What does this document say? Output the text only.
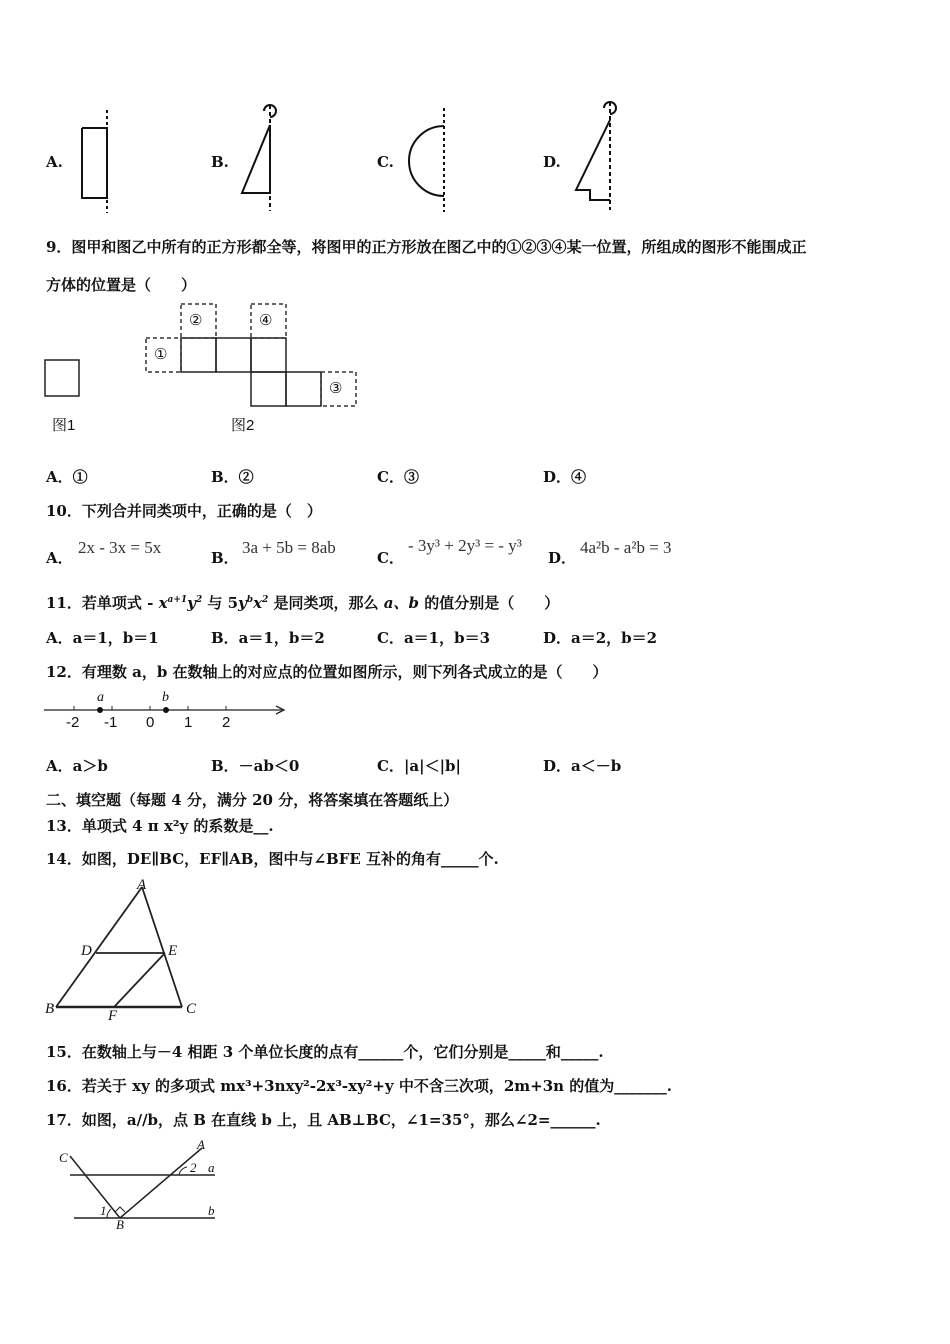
A.	B.	C.	D.
9．图甲和图乙中所有的正方形都全等，将图甲的正方形放在图乙中的①②③④某一位置，所组成的图形不能围成正
方体的位置是（　　）
图1
①
②
③
④
图2
A．①	B．②	C．③	D．④
10．下列合并同类项中，正确的是（　）
A．
2x - 3x = 5x
B．
3a + 5b = 8ab
C．
- 3y³ + 2y³ = - y³
D．
4a²b - a²b = 3
11．若单项式 - $x^{a+1}y^2$ 与 $5y^bx^2$ 是同类项，那么 a、b 的值分别是（　　）
A．a＝1，b＝1	B．a＝1，b＝2	C．a＝1，b＝3	D．a＝2，b＝2
12．有理数 a，b 在数轴上的对应点的位置如图所示，则下列各式成立的是（　　）
a	b
-2 -1 0 1 2
A．a＞b	B．－ab＜0	C．|a|＜|b|	D．a＜－b
二、填空题（每题 4 分，满分 20 分，将答案填在答题纸上）
13．单项式 4 π x²y 的系数是__.
14．如图，DE∥BC，EF∥AB，图中与∠BFE 互补的角有_____个.
A
D	E
B	F	C
15．在数轴上与－4 相距 3 个单位长度的点有______个，它们分别是_____和_____.
16．若关于 xy 的多项式 mx³+3nxy²-2x³-xy²+y 中不含三次项，2m+3n 的值为_______.
17．如图，a//b，点 B 在直线 b 上，且 AB⊥BC，∠1=35°，那么∠2=______.
C
A
2 a
1
B
b
